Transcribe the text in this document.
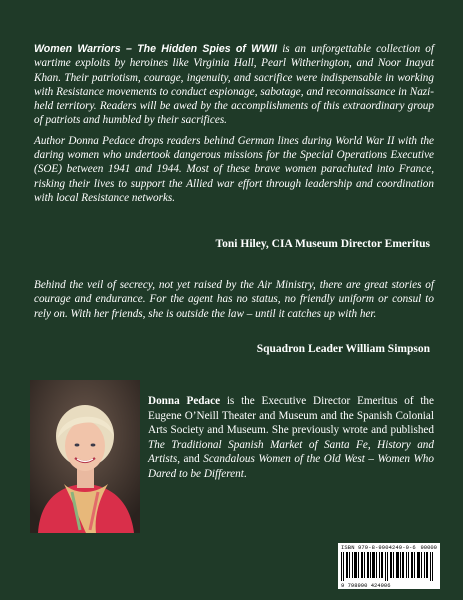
Women Warriors – The Hidden Spies of WWII is an unforgettable collection of wartime exploits by heroines like Virginia Hall, Pearl Witherington, and Noor Inayat Khan. Their patriotism, courage, ingenuity, and sacrifice were indispensable in working with Resistance movements to conduct espionage, sabotage, and reconnaissance in Nazi-held territory. Readers will be awed by the accomplishments of this extraordinary group of patriots and humbled by their sacrifices.

Author Donna Pedace drops readers behind German lines during World War II with the daring women who undertook dangerous missions for the Special Operations Executive (SOE) between 1941 and 1944. Most of these brave women parachuted into France, risking their lives to support the Allied war effort through leadership and coordination with local Resistance networks.

Toni Hiley, CIA Museum Director Emeritus
Behind the veil of secrecy, not yet raised by the Air Ministry, there are great stories of courage and endurance. For the agent has no status, no friendly uniform or consul to rely on. With her friends, she is outside the law – until it catches up with her.
Squadron Leader William Simpson
Donna Pedace is the Executive Director Emeritus of the Eugene O’Neill Theater and Museum and the Spanish Colonial Arts Society and Museum. She previously wrote and published The Traditional Spanish Market of Santa Fe, History and Artists, and Scandalous Women of the Old West – Women Who Dared to be Different.
ISBN 979-8-9904249-0-6 90000
9 798990 424906
